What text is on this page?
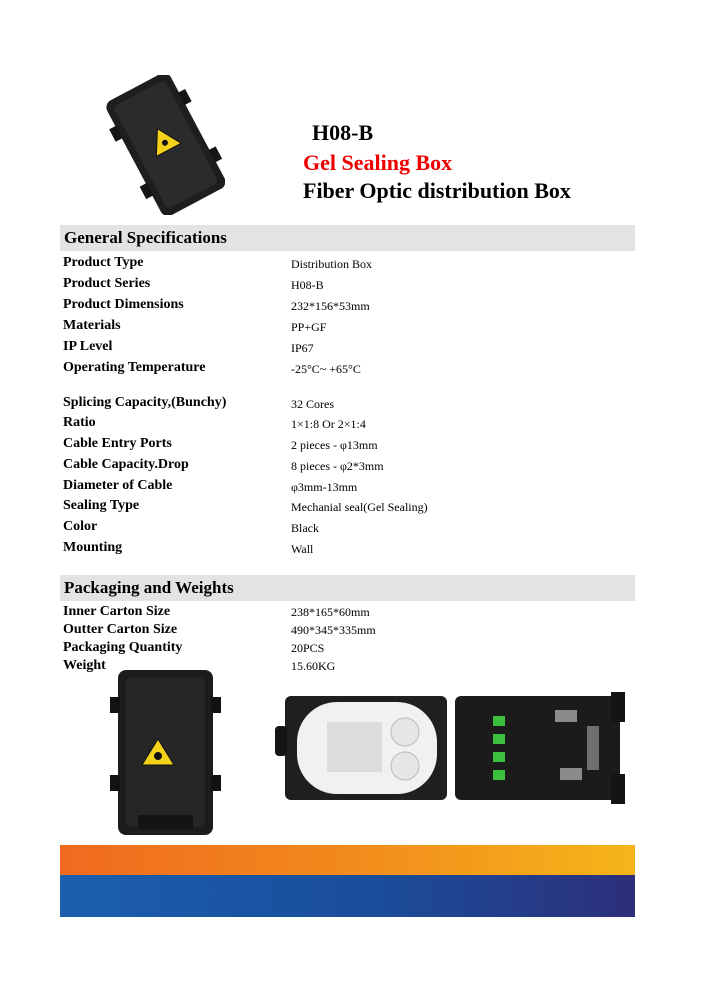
H08-B
Gel Sealing Box
Fiber Optic distribution Box
General Specifications
Product Type	Distribution Box
Product Series	H08-B
Product Dimensions	232*156*53mm
Materials	PP+GF
IP Level	IP67
Operating Temperature	-25°C~ +65°C
Splicing Capacity,(Bunchy)	32 Cores
Ratio	1×1:8 Or 2×1:4
Cable Entry Ports	2 pieces - φ13mm
Cable Capacity.Drop	8 pieces - φ2*3mm
Diameter of Cable	φ3mm-13mm
Sealing Type	Mechanial seal(Gel Sealing)
Color	Black
Mounting	Wall
Packaging and Weights
Inner Carton Size	238*165*60mm
Outter Carton Size	490*345*335mm
Packaging Quantity	20PCS
Weight	15.60KG
